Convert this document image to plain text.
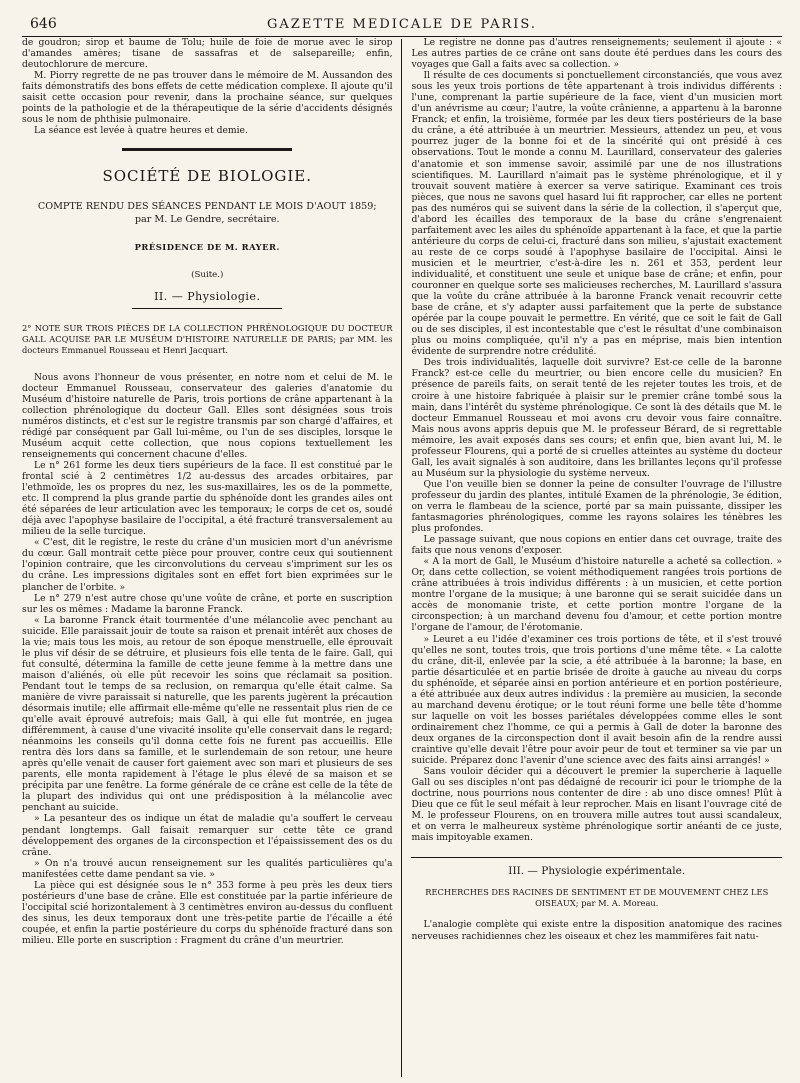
646	GAZETTE MEDICALE DE PARIS.

de goudron; sirop et baume de Tolu; huile de foie de morue avec le sirop d'amandes amères; tisane de sassafras et de salsepareille; enfin, deutochlorure de mercure.

M. Piorry regrette de ne pas trouver dans le mémoire de M. Aussandon des faits démonstratifs des bons effets de cette médication complexe. Il ajoute qu'il saisit cette occasion pour revenir, dans la prochaine séance, sur quelques points de la pathologie et de la thérapeutique de la série d'accidents désignés sous le nom de phthisie pulmonaire.

La séance est levée à quatre heures et demie.

SOCIÉTÉ DE BIOLOGIE.
COMPTE RENDU DES SÉANCES PENDANT LE MOIS D'AOUT 1859;
par M. Le Gendre, secrétaire.
PRÉSIDENCE DE M. RAYER.
(Suite.)
II. — Physiologie.

2° NOTE SUR TROIS PIÈCES DE LA COLLECTION PHRÉNOLOGIQUE DU DOCTEUR GALL ACQUISE PAR LE MUSÉUM D'HISTOIRE NATURELLE DE PARIS; par MM. les docteurs Emmanuel Rousseau et Henri Jacquart.

Nous avons l'honneur de vous présenter, en notre nom et celui de M. le docteur Emmanuel Rousseau, conservateur des galeries d'anatomie du Muséum d'histoire naturelle de Paris, trois portions de crâne appartenant à la collection phrénologique du docteur Gall. Elles sont désignées sous trois numéros distincts, et c'est sur le registre transmis par son chargé d'affaires, et rédigé par conséquent par Gall lui-même, ou l'un de ses disciples, lorsque le Muséum acquit cette collection, que nous copions textuellement les renseignements qui concernent chacune d'elles.

Le n° 261 forme les deux tiers supérieurs de la face. Il est constitué par le frontal scié à 2 centimètres 1/2 au-dessus des arcades orbitaires, par l'ethmoïde, les os propres du nez, les sus-maxillaires, les os de la pommette, etc. Il comprend la plus grande partie du sphénoïde dont les grandes ailes ont été séparées de leur articulation avec les temporaux; le corps de cet os, soudé déjà avec l'apophyse basilaire de l'occipital, a été fracturé transversalement au milieu de la selle turcique.

« C'est, dit le registre, le reste du crâne d'un musicien mort d'un anévrisme du cœur. Gall montrait cette pièce pour prouver, contre ceux qui soutiennent l'opinion contraire, que les circonvolutions du cerveau s'impriment sur les os du crâne. Les impressions digitales sont en effet fort bien exprimées sur le plancher de l'orbite. »

Le n° 279 n'est autre chose qu'une voûte de crâne, et porte en suscription sur les os mêmes : Madame la baronne Franck.

« La baronne Franck était tourmentée d'une mélancolie avec penchant au suicide. Elle paraissait jouir de toute sa raison et prenait intérêt aux choses de la vie; mais tous les mois, au retour de son époque menstruelle, elle éprouvait le plus vif désir de se détruire, et plusieurs fois elle tenta de le faire. Gall, qui fut consulté, détermina la famille de cette jeune femme à la mettre dans une maison d'aliénés, où elle pût recevoir les soins que réclamait sa position. Pendant tout le temps de sa reclusion, on remarqua qu'elle était calme. Sa manière de vivre paraissait si naturelle, que les parents jugèrent la précaution désormais inutile; elle affirmait elle-même qu'elle ne ressentait plus rien de ce qu'elle avait éprouvé autrefois; mais Gall, à qui elle fut montrée, en jugea différemment, à cause d'une vivacité insolite qu'elle conservait dans le regard; néanmoins les conseils qu'il donna cette fois ne furent pas accueillis. Elle rentra dès lors dans sa famille, et le surlendemain de son retour, une heure après qu'elle venait de causer fort gaiement avec son mari et plusieurs de ses parents, elle monta rapidement à l'étage le plus élevé de sa maison et se précipita par une fenêtre. La forme générale de ce crâne est celle de la tête de la plupart des individus qui ont une prédisposition à la mélancolie avec penchant au suicide.

» La pesanteur des os indique un état de maladie qu'a souffert le cerveau pendant longtemps. Gall faisait remarquer sur cette tête ce grand développement des organes de la circonspection et l'épaississement des os du crâne.

» On n'a trouvé aucun renseignement sur les qualités particulières qu'a manifestées cette dame pendant sa vie. »

La pièce qui est désignée sous le n° 353 forme à peu près les deux tiers postérieurs d'une base de crâne. Elle est constituée par la partie inférieure de l'occipital scié horizontalement à 3 centimètres environ au-dessus du confluent des sinus, les deux temporaux dont une très-petite partie de l'écaille a été coupée, et enfin la partie postérieure du corps du sphénoïde fracturé dans son milieu. Elle porte en suscription : Fragment du crâne d'un meurtrier.

Le registre ne donne pas d'autres renseignements; seulement il ajoute : « Les autres parties de ce crâne ont sans doute été perdues dans les cours des voyages que Gall a faits avec sa collection. »

Il résulte de ces documents si ponctuellement circonstanciés, que vous avez sous les yeux trois portions de tête appartenant à trois individus différents : l'une, comprenant la partie supérieure de la face, vient d'un musicien mort d'un anévrisme au cœur; l'autre, la voûte crânienne, a appartenu à la baronne Franck; et enfin, la troisième, formée par les deux tiers postérieurs de la base du crâne, a été attribuée à un meurtrier. Messieurs, attendez un peu, et vous pourrez juger de la bonne foi et de la sincérité qui ont présidé à ces observations. Tout le monde a connu M. Laurillard, conservateur des galeries d'anatomie et son immense savoir, assimilé par une de nos illustrations scientifiques. M. Laurillard n'aimait pas le système phrénologique, et il y trouvait souvent matière à exercer sa verve satirique. Examinant ces trois pièces, que nous ne savons quel hasard lui fit rapprocher, car elles ne portent pas des numéros qui se suivent dans la série de la collection, il s'aperçut que, d'abord les écailles des temporaux de la base du crâne s'engrenaient parfaitement avec les ailes du sphénoïde appartenant à la face, et que la partie antérieure du corps de celui-ci, fracturé dans son milieu, s'ajustait exactement au reste de ce corps soudé à l'apophyse basilaire de l'occipital. Ainsi le musicien et le meurtrier, c'est-à-dire les n. 261 et 353, perdent leur individualité, et constituent une seule et unique base de crâne; et enfin, pour couronner en quelque sorte ses malicieuses recherches, M. Laurillard s'assura que la voûte du crâne attribuée à la baronne Franck venait recouvrir cette base de crâne, et s'y adapter aussi parfaitement que la perte de substance opérée par la coupe pouvait le permettre. En vérité, que ce soit le fait de Gall ou de ses disciples, il est incontestable que c'est le résultat d'une combinaison plus ou moins compliquée, qu'il n'y a pas en méprise, mais bien intention évidente de surprendre notre crédulité.

Des trois individualités, laquelle doit survivre? Est-ce celle de la baronne Franck? est-ce celle du meurtrier, ou bien encore celle du musicien? En présence de pareils faits, on serait tenté de les rejeter toutes les trois, et de croire à une histoire fabriquée à plaisir sur le premier crâne tombé sous la main, dans l'intérêt du système phrénologique. Ce sont là des détails que M. le docteur Emmanuel Rousseau et moi avons cru devoir vous faire connaître. Mais nous avons appris depuis que M. le professeur Bérard, de si regrettable mémoire, les avait exposés dans ses cours; et enfin que, bien avant lui, M. le professeur Flourens, qui a porté de si cruelles atteintes au système du docteur Gall, les avait signalés à son auditoire, dans les brillantes leçons qu'il professe au Muséum sur la physiologie du système nerveux.

Que l'on veuille bien se donner la peine de consulter l'ouvrage de l'illustre professeur du jardin des plantes, intitulé Examen de la phrénologie, 3e édition, on verra le flambeau de la science, porté par sa main puissante, dissiper les fantasmagories phrénologiques, comme les rayons solaires les ténèbres les plus profondes.

Le passage suivant, que nous copions en entier dans cet ouvrage, traite des faits que nous venons d'exposer.

« A la mort de Gall, le Muséum d'histoire naturelle a acheté sa collection. » Or, dans cette collection, se voient méthodiquement rangées trois portions de crâne attribuées à trois individus différents : à un musicien, et cette portion montre l'organe de la musique; à une baronne qui se serait suicidée dans un accès de monomanie triste, et cette portion montre l'organe de la circonspection; à un marchand devenu fou d'amour, et cette portion montre l'organe de l'amour, de l'érotomanie.

» Leuret a eu l'idée d'examiner ces trois portions de tête, et il s'est trouvé qu'elles ne sont, toutes trois, que trois portions d'une même tête. « La calotte du crâne, dit-il, enlevée par la scie, a été attribuée à la baronne; la base, en partie désarticulée et en partie brisée de droite à gauche au niveau du corps du sphénoïde, et séparée ainsi en portion antérieure et en portion postérieure, a été attribuée aux deux autres individus : la première au musicien, la seconde au marchand devenu érotique; or le tout réuni forme une belle tête d'homme sur laquelle on voit les bosses pariétales développées comme elles le sont ordinairement chez l'homme, ce qui a permis à Gall de doter la baronne des deux organes de la circonspection dont il avait besoin afin de la rendre aussi craintive qu'elle devait l'être pour avoir peur de tout et terminer sa vie par un suicide. Préparez donc l'avenir d'une science avec des faits ainsi arrangés! »

Sans vouloir décider qui a découvert le premier la supercherie à laquelle Gall ou ses disciples n'ont pas dédaigné de recourir ici pour le triomphe de la doctrine, nous pourrions nous contenter de dire : ab uno disce omnes! Plût à Dieu que ce fût le seul méfait à leur reprocher. Mais en lisant l'ouvrage cité de M. le professeur Flourens, on en trouvera mille autres tout aussi scandaleux, et on verra le malheureux système phrénologique sortir anéanti de ce juste, mais impitoyable examen.

III. — Physiologie expérimentale.
RECHERCHES DES RACINES DE SENTIMENT ET DE MOUVEMENT CHEZ LES OISEAUX; par M. A. Moreau.

L'analogie complète qui existe entre la disposition anatomique des racines nerveuses rachidiennes chez les oiseaux et chez les mammifères fait natu-
